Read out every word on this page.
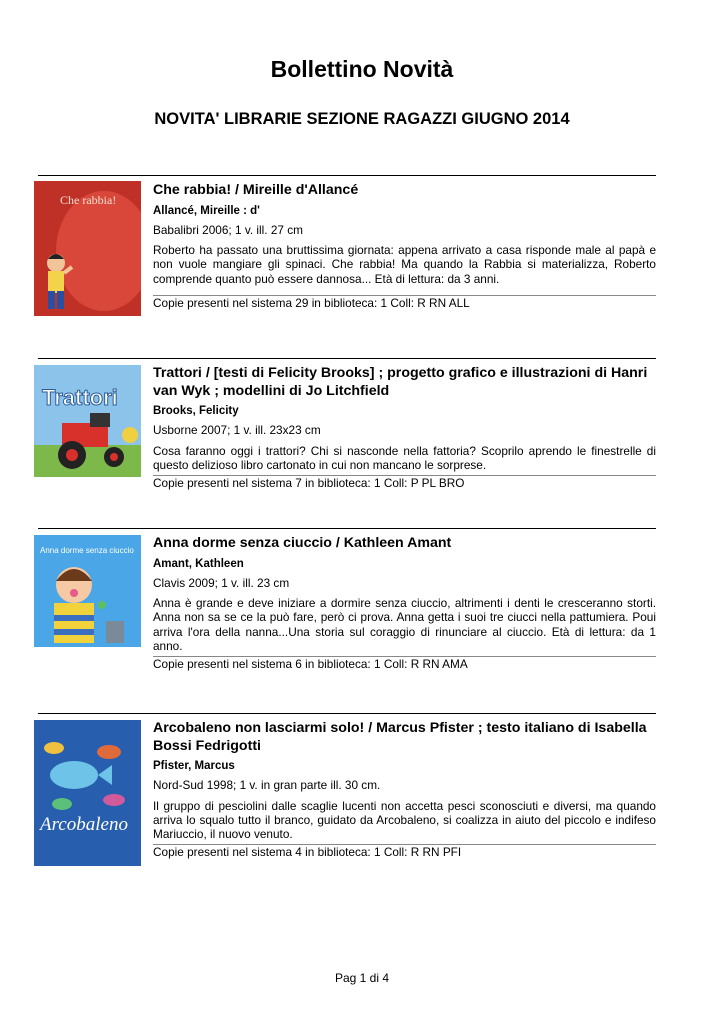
Bollettino Novità
NOVITA' LIBRARIE SEZIONE RAGAZZI GIUGNO 2014
Che rabbia!

Che rabbia! / Mireille d'Allancé

Allancé, Mireille : d'

Babalibri 2006; 1 v. ill. 27 cm

Roberto ha passato una bruttissima giornata: appena arrivato a casa risponde male al papà e non vuole mangiare gli spinaci. Che rabbia! Ma quando la Rabbia si materializza, Roberto comprende quanto può essere dannosa... Età di lettura: da 3 anni.

Copie presenti nel sistema 29 in biblioteca: 1 Coll: R RN ALL
Trattori

Trattori / [testi di Felicity Brooks] ; progetto grafico e illustrazioni di Hanri van Wyk ; modellini di Jo Litchfield

Brooks, Felicity

Usborne 2007; 1 v. ill. 23x23 cm

Cosa faranno oggi i trattori? Chi si nasconde nella fattoria? Scoprilo aprendo le finestrelle di questo delizioso libro cartonato in cui non mancano le sorprese.

Copie presenti nel sistema 7 in biblioteca: 1 Coll: P PL BRO
Anna dorme senza ciuccio Anna dorme senza ciuccio / Kathleen Amant

Amant, Kathleen

Clavis 2009; 1 v. ill. 23 cm

Anna è grande e deve iniziare a dormire senza ciuccio, altrimenti i denti le cresceranno storti. Anna non sa se ce la può fare, però ci prova. Anna getta i suoi tre ciucci nella pattumiera. Poui arriva l'ora della nanna...Una storia sul coraggio di rinunciare al ciuccio. Età di lettura: da 1 anno.

Copie presenti nel sistema 6 in biblioteca: 1 Coll: R RN AMA
Arcobaleno

Arcobaleno non lasciarmi solo! / Marcus Pfister ; testo italiano di Isabella Bossi Fedrigotti

Pfister, Marcus

Nord-Sud 1998; 1 v. in gran parte ill. 30 cm.

Il gruppo di pesciolini dalle scaglie lucenti non accetta pesci sconosciuti e diversi, ma quando arriva lo squalo tutto il branco, guidato da Arcobaleno, si coalizza in aiuto del piccolo e indifeso Mariuccio, il nuovo venuto.

Copie presenti nel sistema 4 in biblioteca: 1 Coll: R RN PFI
Pag 1 di 4
